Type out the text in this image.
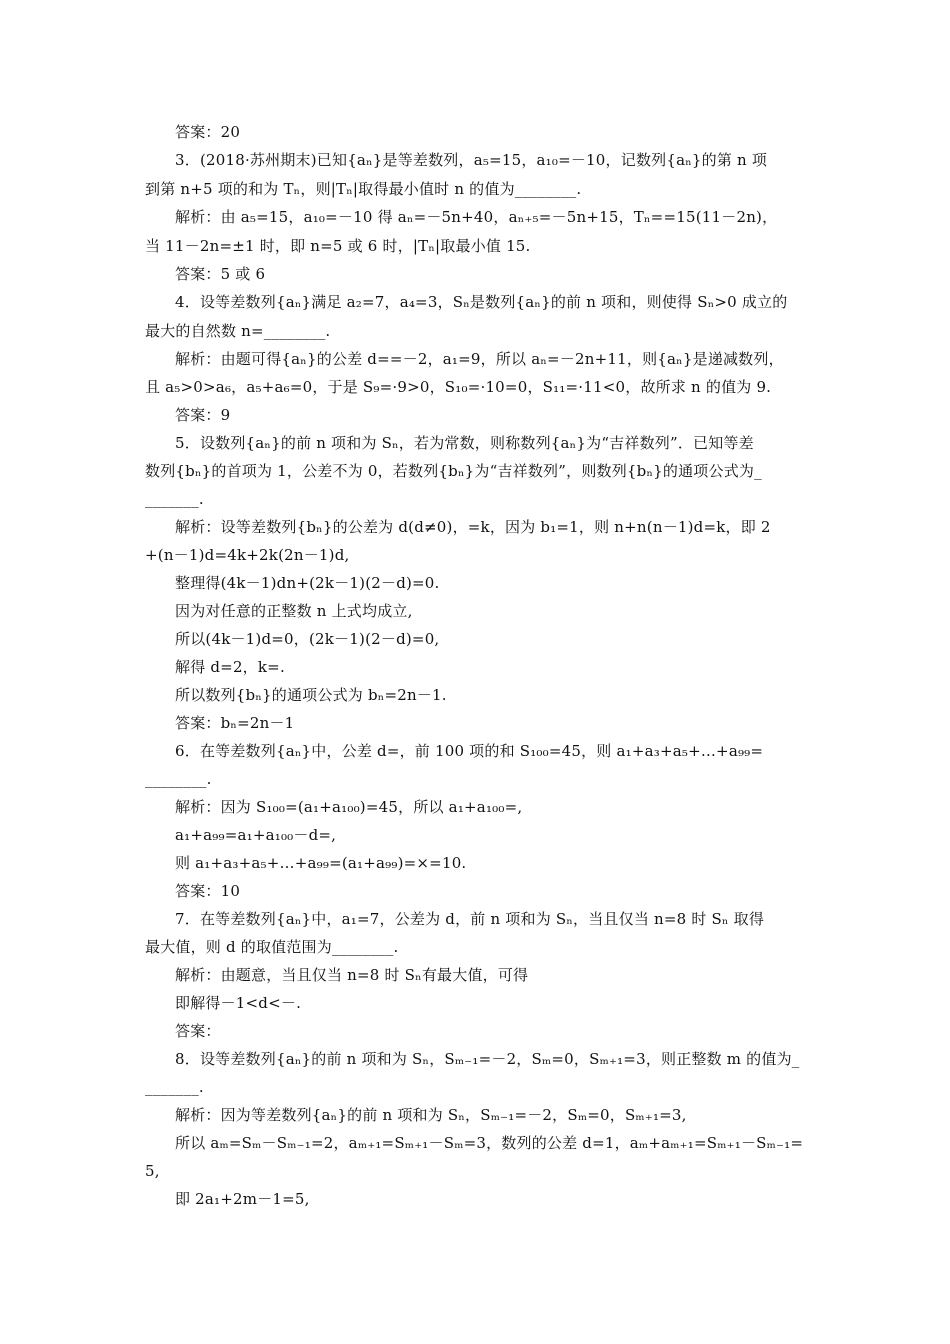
答案：20
3．(2018·苏州期末)已知{aₙ}是等差数列，a₅=15，a₁₀=－10，记数列{aₙ}的第 n 项
到第 n+5 项的和为 Tₙ，则|Tₙ|取得最小值时 n 的值为________.
解析：由 a₅=15，a₁₀=－10 得 aₙ=－5n+40，aₙ₊₅=－5n+15，Tₙ==15(11－2n)，
当 11－2n=±1 时，即 n=5 或 6 时，|Tₙ|取最小值 15.
答案：5 或 6
4．设等差数列{aₙ}满足 a₂=7，a₄=3，Sₙ是数列{aₙ}的前 n 项和，则使得 Sₙ>0 成立的
最大的自然数 n=________.
解析：由题可得{aₙ}的公差 d==－2，a₁=9，所以 aₙ=－2n+11，则{aₙ}是递减数列，
且 a₅>0>a₆，a₅+a₆=0，于是 S₉=·9>0，S₁₀=·10=0，S₁₁=·11<0，故所求 n 的值为 9.
答案：9
5．设数列{aₙ}的前 n 项和为 Sₙ，若为常数，则称数列{aₙ}为“吉祥数列”．已知等差
数列{bₙ}的首项为 1，公差不为 0，若数列{bₙ}为“吉祥数列”，则数列{bₙ}的通项公式为_
_______.
解析：设等差数列{bₙ}的公差为 d(d≠0)，=k，因为 b₁=1，则 n+n(n－1)d=k，即 2
+(n－1)d=4k+2k(2n－1)d,
整理得(4k－1)dn+(2k－1)(2－d)=0.
因为对任意的正整数 n 上式均成立,
所以(4k－1)d=0，(2k－1)(2－d)=0,
解得 d=2，k=.
所以数列{bₙ}的通项公式为 bₙ=2n－1.
答案：bₙ=2n－1
6．在等差数列{aₙ}中，公差 d=，前 100 项的和 S₁₀₀=45，则 a₁+a₃+a₅+…+a₉₉=
________.
解析：因为 S₁₀₀=(a₁+a₁₀₀)=45，所以 a₁+a₁₀₀=,
a₁+a₉₉=a₁+a₁₀₀－d=,
则 a₁+a₃+a₅+…+a₉₉=(a₁+a₉₉)=×=10.
答案：10
7．在等差数列{aₙ}中，a₁=7，公差为 d，前 n 项和为 Sₙ，当且仅当 n=8 时 Sₙ 取得
最大值，则 d 的取值范围为________.
解析：由题意，当且仅当 n=8 时 Sₙ有最大值，可得
即解得－1<d<－.
答案：
8．设等差数列{aₙ}的前 n 项和为 Sₙ，Sₘ₋₁=－2，Sₘ=0，Sₘ₊₁=3，则正整数 m 的值为_
_______.
解析：因为等差数列{aₙ}的前 n 项和为 Sₙ，Sₘ₋₁=－2，Sₘ=0，Sₘ₊₁=3,
所以 aₘ=Sₘ－Sₘ₋₁=2，aₘ₊₁=Sₘ₊₁－Sₘ=3，数列的公差 d=1，aₘ+aₘ₊₁=Sₘ₊₁－Sₘ₋₁=
5,
即 2a₁+2m－1=5,
